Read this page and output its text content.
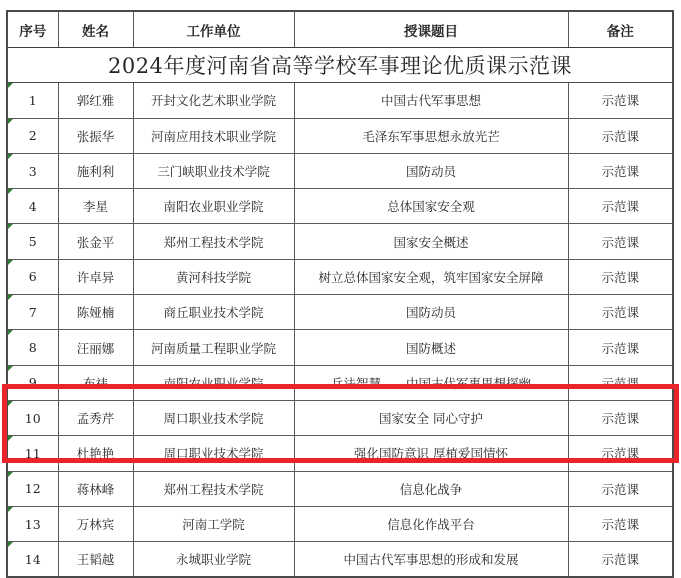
2024年度河南省高等学校军事理论优质课示范课				
序号	姓名	工作单位	授课题目	备注

1	郭红雅	开封文化艺术职业学院	中国古代军事思想	示范课

2	张振华	河南应用技术职业学院	毛泽东军事思想永放光芒	示范课

3	施利利	三门峡职业技术学院	国防动员	示范课

4	李星	南阳农业职业学院	总体国家安全观	示范课

5	张金平	郑州工程技术学院	国家安全概述	示范课

6	许卓异	黄河科技学院	树立总体国家安全观，筑牢国家安全屏障	示范课

7	陈娅楠	商丘职业技术学院	国防动员	示范课

8	汪丽娜	河南质量工程职业学院	国防概述	示范课

9	布祎	南阳农业职业学院	兵法智慧——中国古代军事思想探幽	示范课

10	孟秀芹	周口职业技术学院	国家安全 同心守护	示范课

11	杜艳艳	周口职业技术学院	强化国防意识 厚植爱国情怀	示范课

12	蒋林峰	郑州工程技术学院	信息化战争	示范课

13	万林宾	河南工学院	信息化作战平台	示范课

14	王韬越	永城职业学院	中国古代军事思想的形成和发展	示范课
